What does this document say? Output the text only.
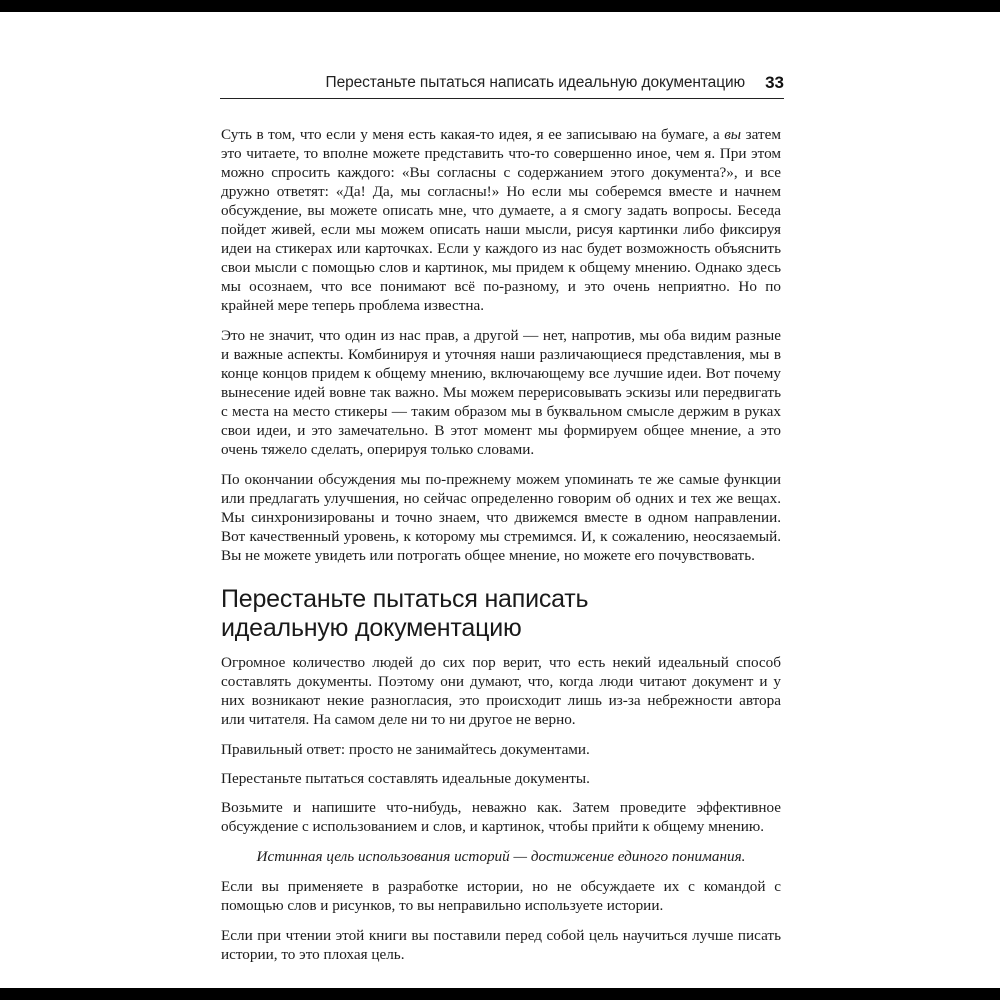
Перестаньте пытаться написать идеальную документацию 33

Суть в том, что если у меня есть какая-то идея, я ее записываю на бумаге, а вы затем это читаете, то вполне можете представить что-то совершенно иное, чем я. При этом можно спросить каждого: «Вы согласны с содержанием этого документа?», и все дружно ответят: «Да! Да, мы согласны!» Но если мы соберемся вместе и начнем обсуждение, вы можете описать мне, что думаете, а я смогу задать вопросы. Беседа пойдет живей, если мы можем описать наши мысли, рисуя картинки либо фиксируя идеи на стикерах или карточках. Если у каждого из нас будет возможность объяснить свои мысли с помощью слов и картинок, мы придем к общему мнению. Однако здесь мы осознаем, что все понимают всё по-разному, и это очень неприятно. Но по крайней мере теперь проблема известна.

Это не значит, что один из нас прав, а другой — нет, напротив, мы оба видим разные и важные аспекты. Комбинируя и уточняя наши различающиеся представления, мы в конце концов придем к общему мнению, включающему все лучшие идеи. Вот почему вынесение идей вовне так важно. Мы можем перерисовывать эскизы или передвигать с места на место стикеры — таким образом мы в буквальном смысле держим в руках свои идеи, и это замечательно. В этот момент мы формируем общее мнение, а это очень тяжело сделать, оперируя только словами.

По окончании обсуждения мы по-прежнему можем упоминать те же самые функции или предлагать улучшения, но сейчас определенно говорим об одних и тех же вещах. Мы синхронизированы и точно знаем, что движемся вместе в одном направлении. Вот качественный уровень, к которому мы стремимся. И, к сожалению, неосязаемый. Вы не можете увидеть или потрогать общее мнение, но можете его почувствовать.

Перестаньте пытаться написать
идеальную документацию

Огромное количество людей до сих пор верит, что есть некий идеальный способ составлять документы. Поэтому они думают, что, когда люди читают документ и у них возникают некие разногласия, это происходит лишь из-за небрежности автора или читателя. На самом деле ни то ни другое не верно.

Правильный ответ: просто не занимайтесь документами.

Перестаньте пытаться составлять идеальные документы.

Возьмите и напишите что-нибудь, неважно как. Затем проведите эффективное обсуждение с использованием и слов, и картинок, чтобы прийти к общему мнению.

Истинная цель использования историй — достижение единого понимания.

Если вы применяете в разработке истории, но не обсуждаете их с командой с помощью слов и рисунков, то вы неправильно используете истории.

Если при чтении этой книги вы поставили перед собой цель научиться лучше писать истории, то это плохая цель.
